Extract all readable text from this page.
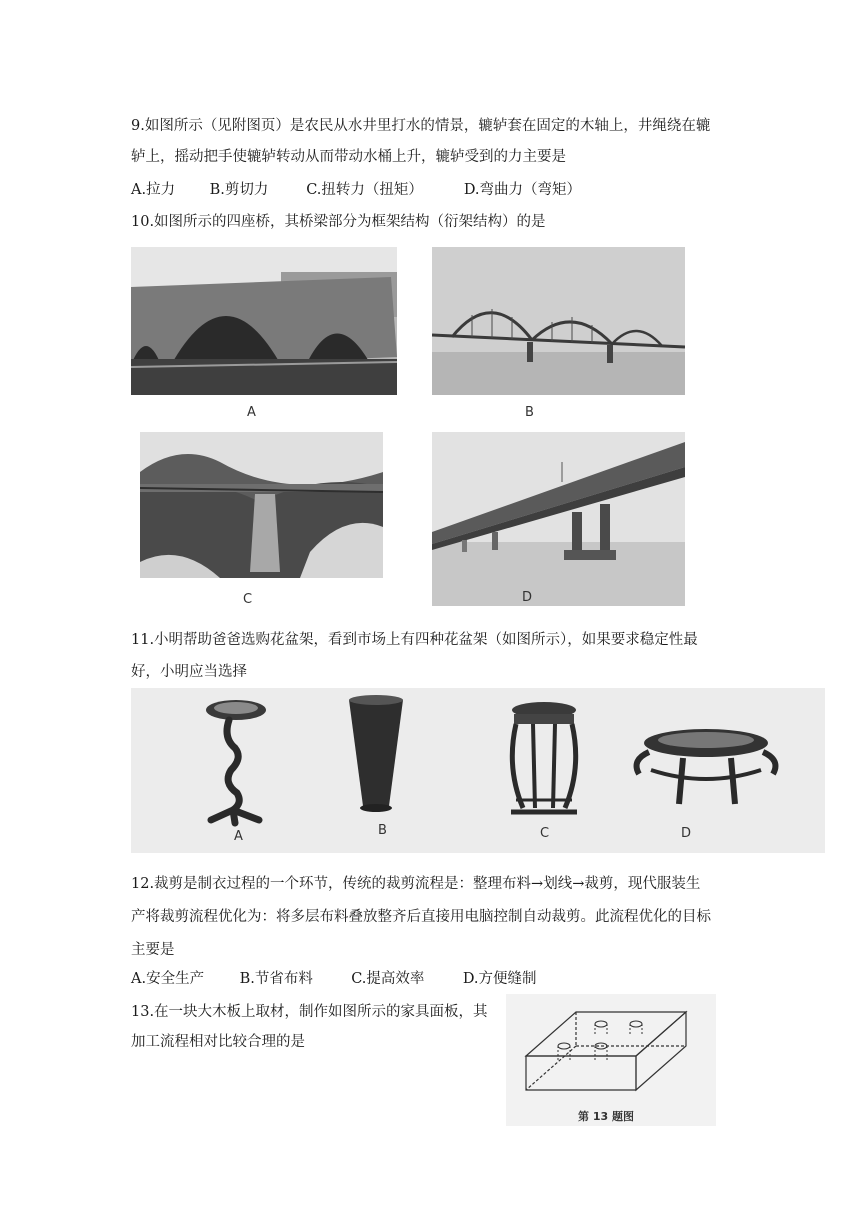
9.如图所示（见附图页）是农民从水井里打水的情景，辘轳套在固定的木轴上，井绳绕在辘
轳上，摇动把手使辘轳转动从而带动水桶上升，辘轳受到的力主要是
A.拉力 B.剪切力	C.扭转力（扭矩）	D.弯曲力（弯矩）
10.如图所示的四座桥，其桥梁部分为框架结构（衍架结构）的是
A	B
C	D
11.小明帮助爸爸选购花盆架，看到市场上有四种花盆架（如图所示），如果要求稳定性最
好，小明应当选择
A	B	C	D
12.裁剪是制衣过程的一个环节，传统的裁剪流程是：整理布料→划线→裁剪，现代服装生
产将裁剪流程优化为：将多层布料叠放整齐后直接用电脑控制自动裁剪。此流程优化的目标
主要是
A.安全生产 B.节省布料	C.提高效率	D.方便缝制
13.在一块大木板上取材，制作如图所示的家具面板，其
加工流程相对比较合理的是
第 13 题图
